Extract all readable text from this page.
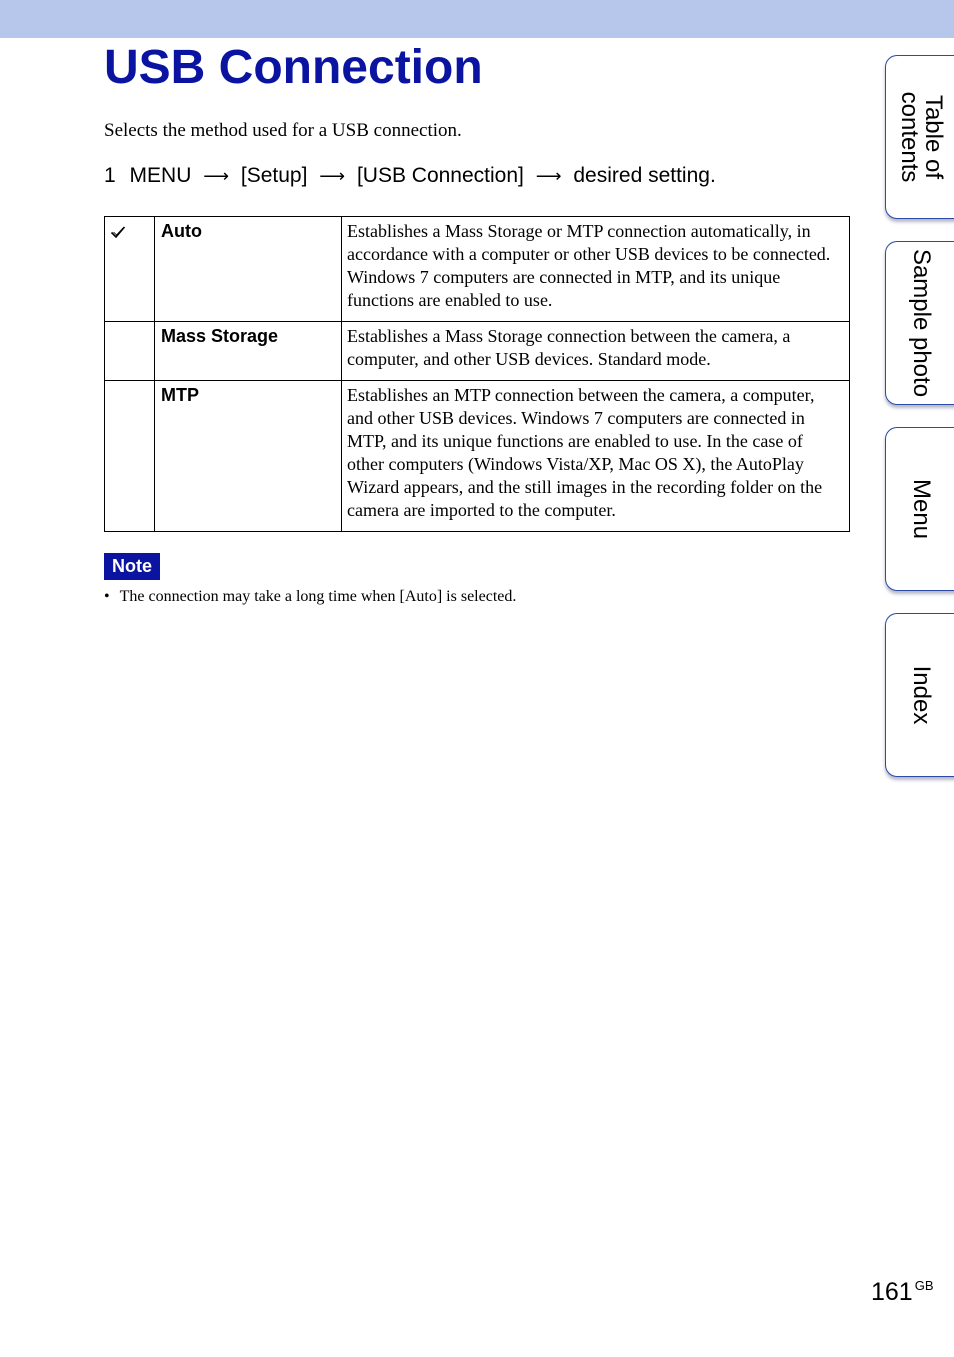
USB Connection
Selects the method used for a USB connection.
1 MENU ⟶ [Setup] ⟶ [USB Connection] ⟶ desired setting.
	Auto	Establishes a Mass Storage or MTP connection automatically, in accordance with a computer or other USB devices to be connected. Windows 7 computers are connected in MTP, and its unique functions are enabled to use.
	Mass Storage	Establishes a Mass Storage connection between the camera, a computer, and other USB devices. Standard mode.
	MTP	Establishes an MTP connection between the camera, a computer, and other USB devices. Windows 7 computers are connected in MTP, and its unique functions are enabled to use. In the case of other computers (Windows Vista/XP, Mac OS X), the AutoPlay Wizard appears, and the still images in the recording folder on the camera are imported to the computer.
Note
• The connection may take a long time when [Auto] is selected.
Table of
contents
Sample photo
Menu
Index
161 $^{GB}$
